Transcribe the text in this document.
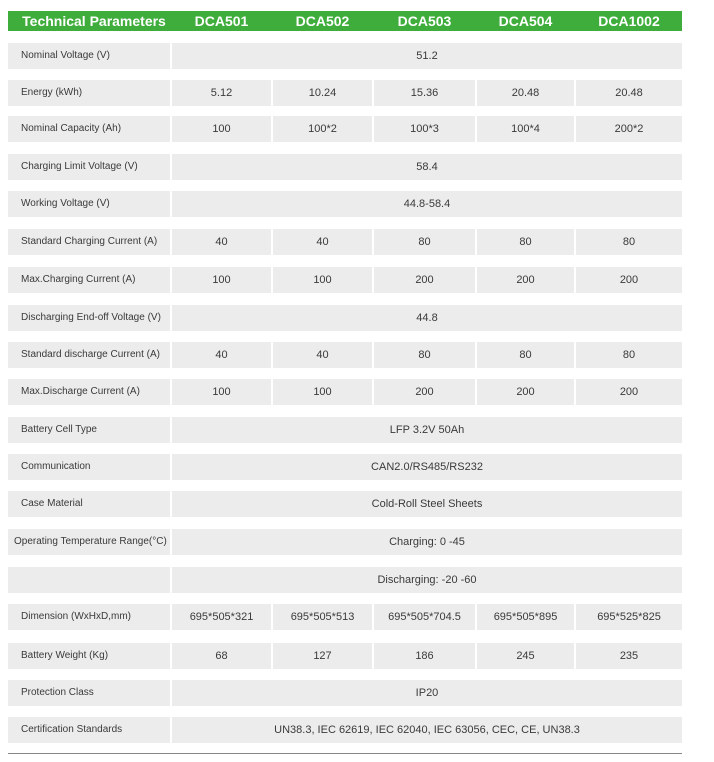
Technical Parameters	DCA501	DCA502	DCA503	DCA504	DCA1002
Nominal Voltage (V)	51.2
Energy (kWh)	5.12	10.24	15.36	20.48	20.48
Nominal Capacity (Ah)	100	100*2	100*3	100*4	200*2
Charging Limit Voltage (V)	58.4
Working Voltage (V)	44.8-58.4
Standard Charging Current (A)	40	40	80	80	80
Max.Charging Current (A)	100	100	200	200	200
Discharging End-off Voltage (V)	44.8
Standard discharge Current (A)	40	40	80	80	80
Max.Discharge Current (A)	100	100	200	200	200
Battery Cell Type	LFP 3.2V 50Ah
Communication	CAN2.0/RS485/RS232
Case Material	Cold-Roll Steel Sheets
Operating Temperature Range(°C)	Charging: 0 -45
Discharging: -20 -60
Dimension (WxHxD,mm)	695*505*321	695*505*513	695*505*704.5	695*505*895	695*525*825
Battery Weight (Kg)	68	127	186	245	235
Protection Class	IP20
Certification Standards	UN38.3, IEC 62619, IEC 62040, IEC 63056, CEC, CE, UN38.3
